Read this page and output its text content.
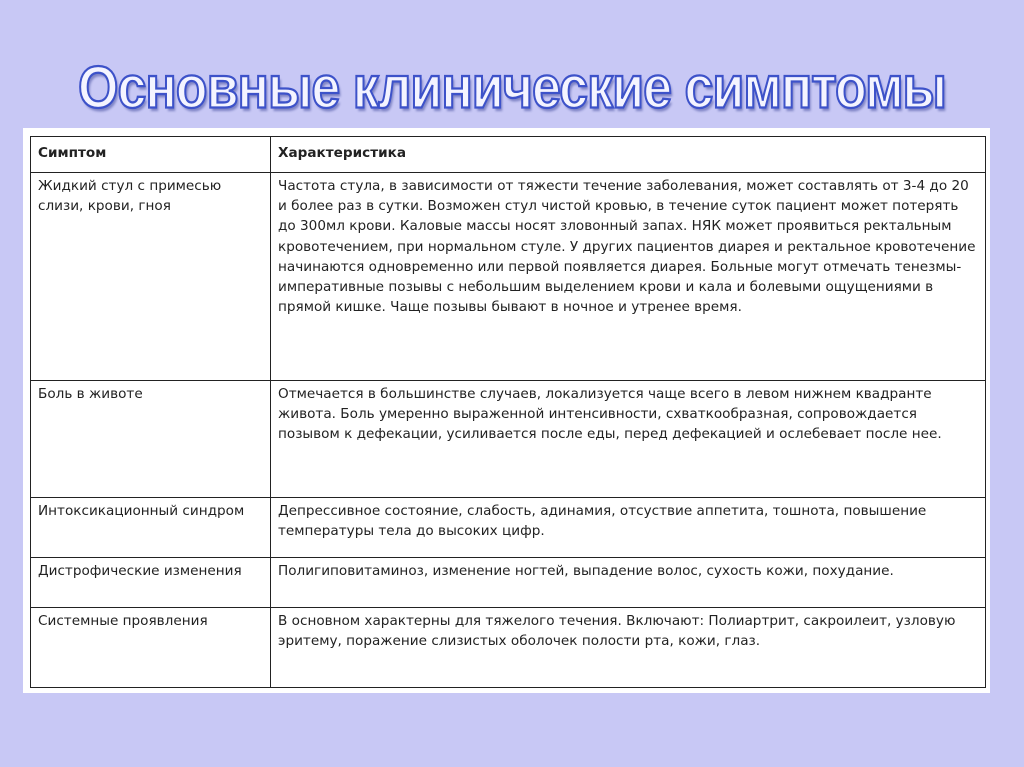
Основные клинические симптомы
Симптом	Характеристика
Жидкий стул с примесью слизи, крови, гноя	Частота стула, в зависимости от тяжести течение заболевания, может составлять от 3-4 до 20 и более раз в сутки. Возможен стул чистой кровью, в течение суток пациент может потерять до 300мл крови. Каловые массы носят зловонный запах. НЯК может проявиться ректальным кровотечением, при нормальном стуле. У других пациентов диарея и ректальное кровотечение начинаются одновременно или первой появляется диарея. Больные могут отмечать тенезмы- императивные позывы с небольшим выделением крови и кала и болевыми ощущениями в прямой кишке. Чаще позывы бывают в ночное и утренее время.
Боль в животе	Отмечается в большинстве случаев, локализуется чаще всего в левом нижнем квадранте живота. Боль умеренно выраженной интенсивности, схваткообразная, сопровождается позывом к дефекации, усиливается после еды, перед дефекацией и ослебевает после нее.
Интоксикационный синдром	Депрессивное состояние, слабость, адинамия, отсуствие аппетита, тошнота, повышение температуры тела до высоких цифр.
Дистрофические изменения	Полигиповитаминоз, изменение ногтей, выпадение волос, сухость кожи, похудание.
Системные проявления	В основном характерны для тяжелого течения. Включают: Полиартрит, сакроилеит, узловую эритему, поражение слизистых оболочек полости рта, кожи, глаз.
